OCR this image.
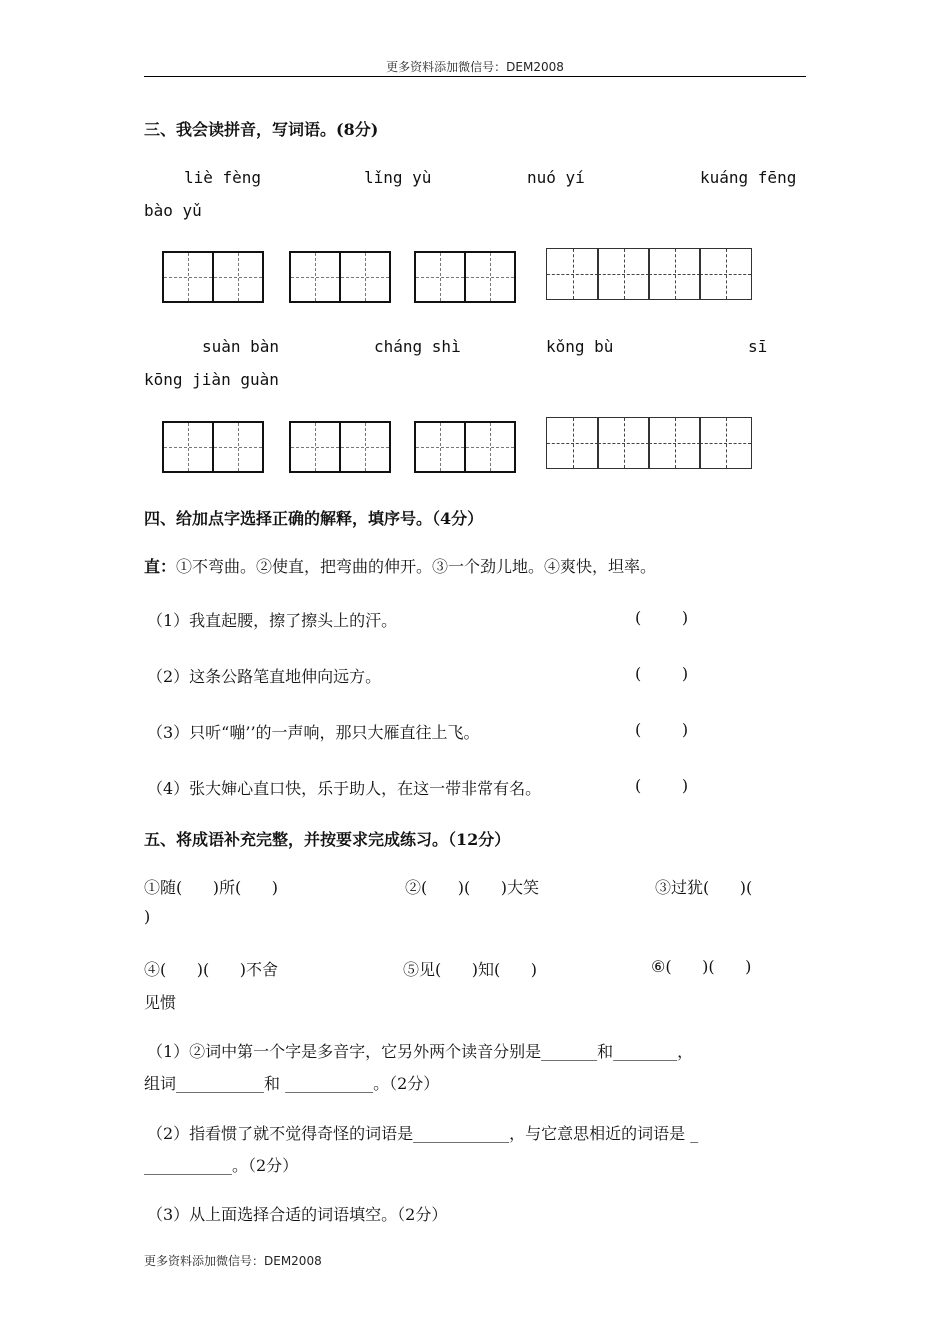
更多资料添加微信号：DEM2008
三、我会读拼音，写词语。(8分)
liè fèng	lǐng yù	nuó yí	kuáng fēng
bào yǔ
suàn bàn	cháng shì	kǒng bù	sī
kōng jiàn guàn
四、给加点字选择正确的解释，填序号。（4分）
直：①不弯曲。②使直，把弯曲的伸开。③一个劲儿地。④爽快，坦率。
（1）我直起腰，擦了擦头上的汗。	(        )
（2）这条公路笔直地伸向远方。	(        )
（3）只听“嘣’’的一声响，那只大雁直往上飞。	(        )
（4）张大婶心直口快，乐于助人，在这一带非常有名。	(        )
五、将成语补充完整，并按要求完成练习。（12分）
①随(      )所(      )	②(      )(      )大笑	③过犹(      )(
)
④(      )(      )不舍	⑤见(      )知(      )	⑥(      )(      )
见惯
（1）②词中第一个字是多音字，它另外两个读音分别是_______和________，
组词___________和 ___________。（2分）
（2）指看惯了就不觉得奇怪的词语是____________，与它意思相近的词语是 _
___________。（2分）
（3）从上面选择合适的词语填空。（2分）
更多资料添加微信号：DEM2008
